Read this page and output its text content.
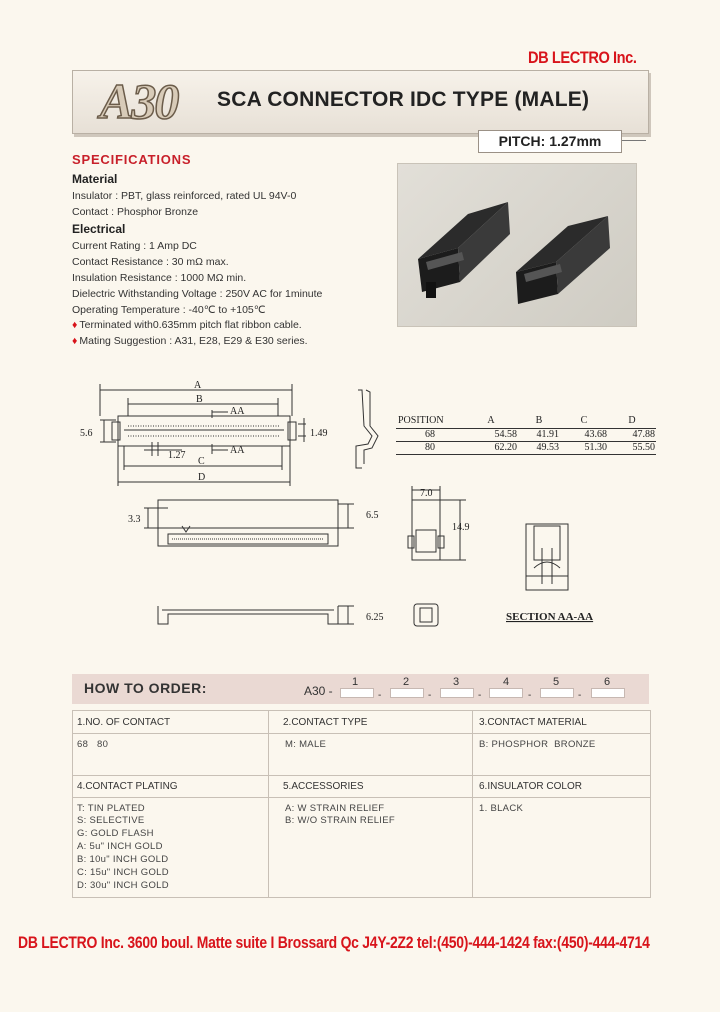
DB LECTRO Inc.
A30 SCA CONNECTOR IDC TYPE (MALE)
PITCH: 1.27mm
SPECIFICATIONS
Material
Insulator : PBT, glass reinforced, rated UL 94V-0
Contact : Phosphor Bronze
Electrical
Current Rating : 1 Amp DC
Contact Resistance : 30 mΩ max.
Insulation Resistance : 1000 MΩ min.
Dielectric Withstanding Voltage : 250V AC for 1minute
Operating Temperature : -40℃ to +105℃
♦ Terminated with0.635mm pitch flat ribbon cable.
♦ Mating Suggestion : A31, E28, E29 & E30 series.
A
B
AA
AA
1.27
C
D
5.6	1.49
7.0
3.3	6.5
14.9
6.25	SECTION AA-AA
POSITION	A	B	C	D
68	54.58	41.91	43.68	47.88
80	62.20	49.53	51.30	55.50
HOW TO ORDER:	A30 -
1	2	3	4	5	6
-	-	-	-	-
1.NO. OF CONTACT	2.CONTACT TYPE	3.CONTACT MATERIAL
68   80	M: MALE	B: PHOSPHOR  BRONZE
4.CONTACT PLATING	5.ACCESSORIES	6.INSULATOR COLOR
T: TIN PLATED
S: SELECTIVE
G: GOLD FLASH
A: 5u" INCH GOLD
B: 10u" INCH GOLD
C: 15u" INCH GOLD
D: 30u" INCH GOLD
A: W STRAIN RELIEF
B: W/O STRAIN RELIEF
1. BLACK
DB LECTRO Inc. 3600 boul. Matte suite I Brossard Qc J4Y-2Z2 tel:(450)-444-1424 fax:(450)-444-4714
